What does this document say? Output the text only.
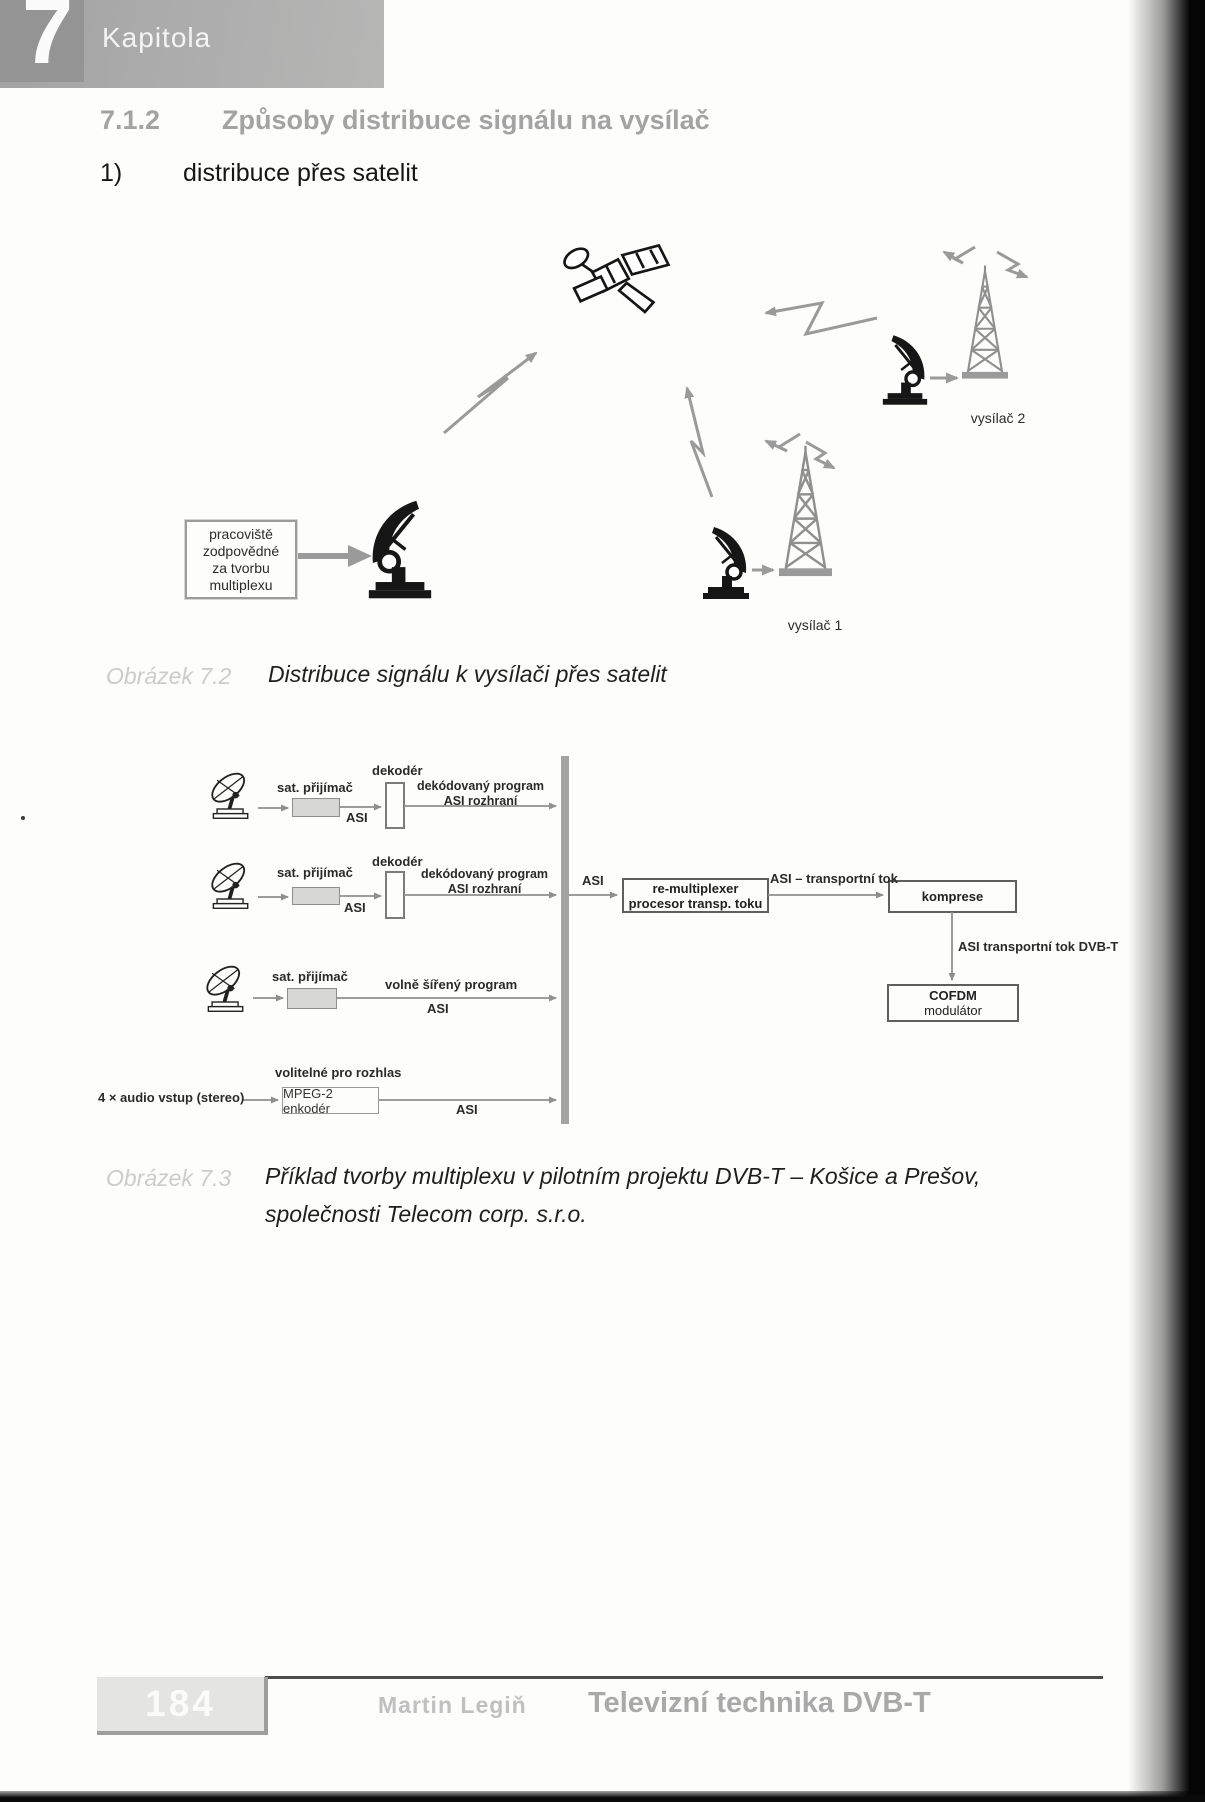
7 Kapitola
7.1.2 Způsoby distribuce signálu na vysílač
1) distribuce přes satelit
pracoviště
zodpovědné
za tvorbu
multiplexu
vysílač 2
vysílač 1
Obrázek 7.2 Distribuce signálu k vysílači přes satelit
sat. přijímač
ASI
dekodér
dekódovaný program
ASI rozhraní
sat. přijímač
ASI
dekodér
dekódovaný program
ASI rozhraní
ASI	re-multiplexer
procesor transp. toku
ASI – transportní tok
komprese
ASI transportní tok DVB-T
COFDM
modulátor
sat. přijímač
volně šířený program
ASI
volitelné pro rozhlas
4 × audio vstup (stereo)	MPEG-2 enkodér	ASI
Obrázek 7.3 Příklad tvorby multiplexu v pilotním projektu DVB-T – Košice a Prešov,
společnosti Telecom corp. s.r.o.
184	Martin Legiň Televizní technika DVB-T
